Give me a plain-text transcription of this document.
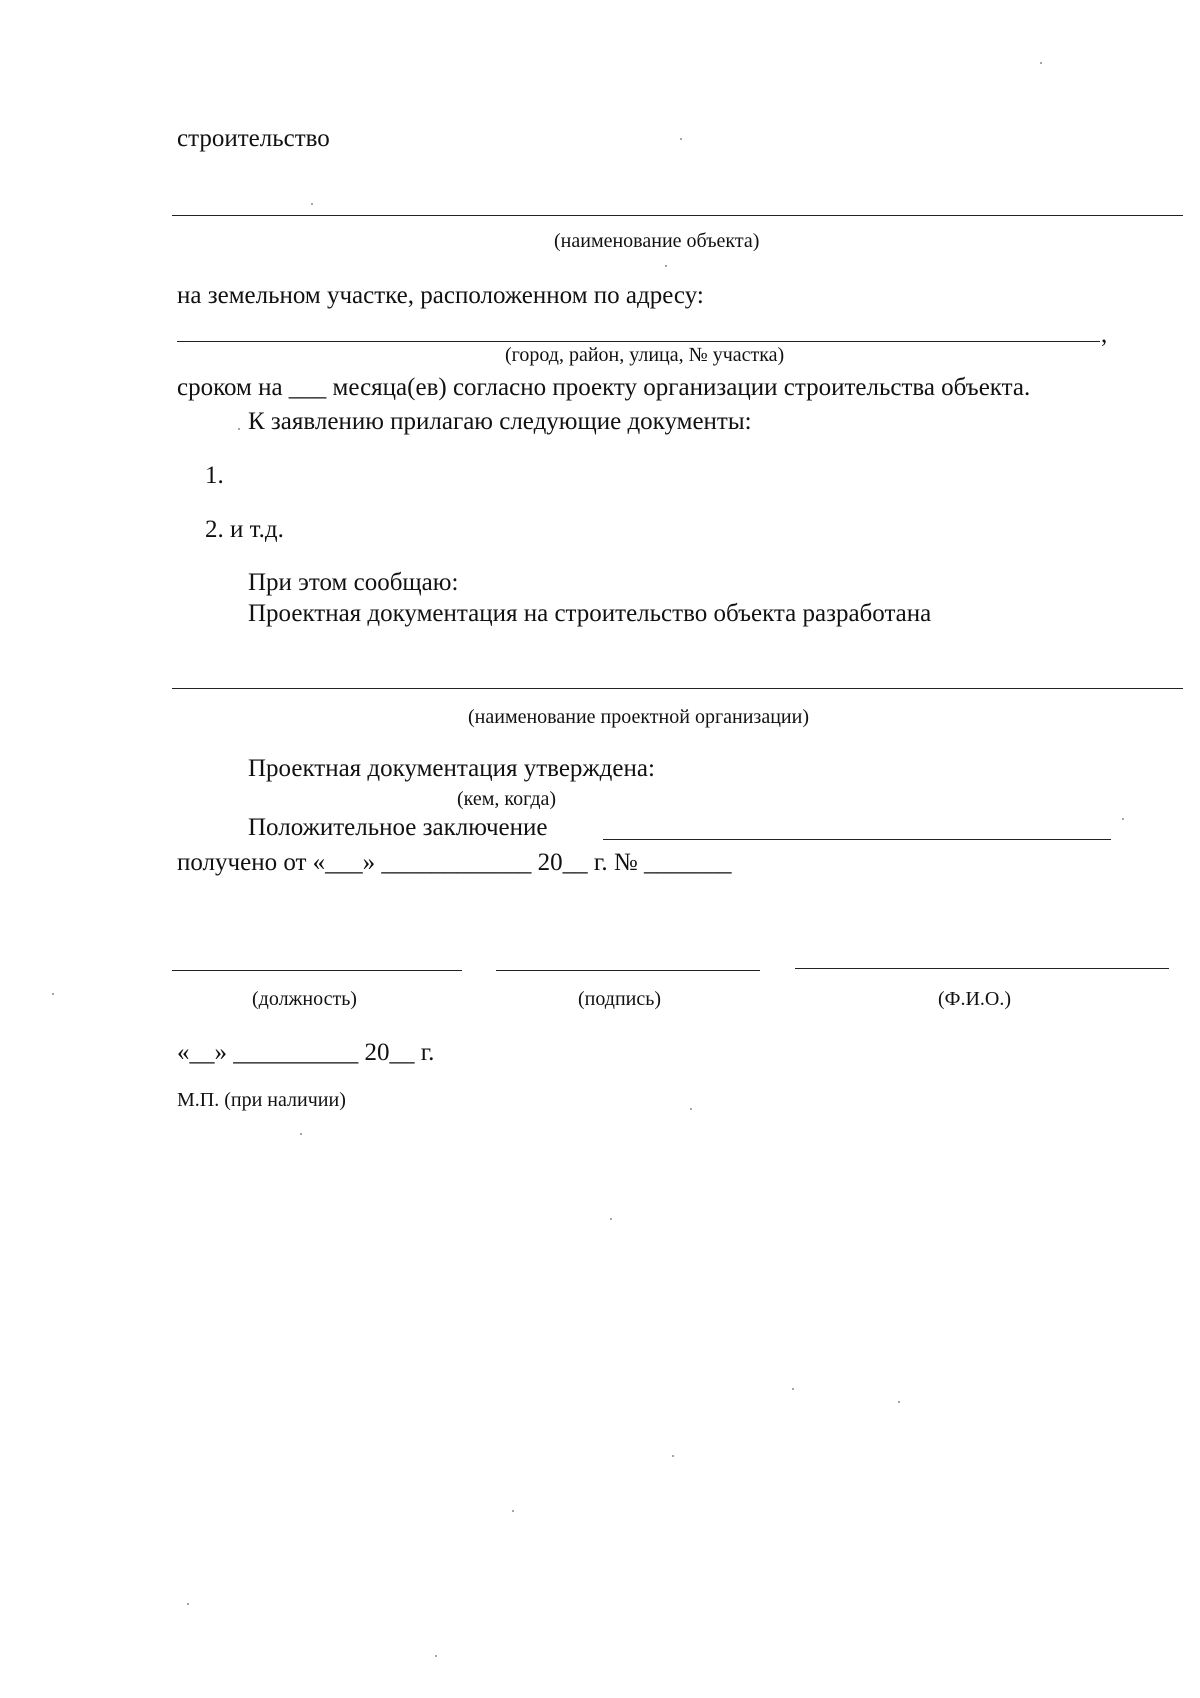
строительство
(наименование объекта)
на земельном участке, расположенном по адресу:
,
(город, район, улица, № участка)
сроком на ___ месяца(ев) согласно проекту организации строительства объекта.
К заявлению прилагаю следующие документы:
1.
2. и т.д.
При этом сообщаю:
Проектная документация на строительство объекта разработана
(наименование проектной организации)
Проектная документация утверждена:
(кем, когда)
Положительное заключение
получено от «___» ____________ 20__ г. № _______
(должность)	(подпись)	(Ф.И.О.)
«__» __________ 20__ г.
М.П. (при наличии)
